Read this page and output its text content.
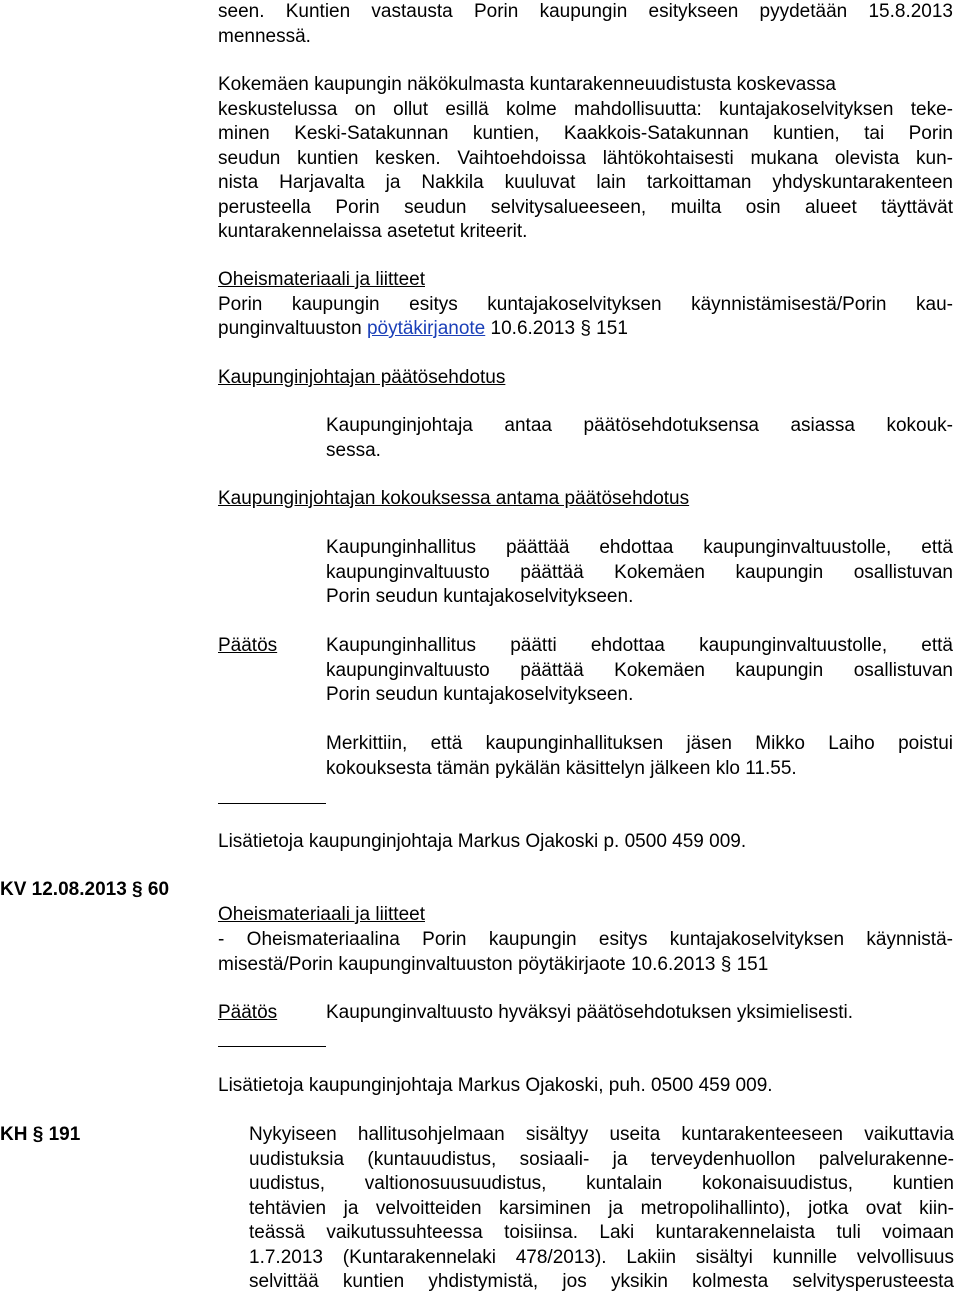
seen. Kuntien vastausta Porin kaupungin esitykseen pyydetään 15.8.2013
mennessä.
Kokemäen kaupungin näkökulmasta kuntarakenneuudistusta koskevassa
keskustelussa on ollut esillä kolme mahdollisuutta: kuntajakoselvityksen teke-
minen Keski-Satakunnan kuntien, Kaakkois-Satakunnan kuntien, tai Porin
seudun kuntien kesken. Vaihtoehdoissa lähtökohtaisesti mukana olevista kun-
nista Harjavalta ja Nakkila kuuluvat lain tarkoittaman yhdyskuntarakenteen
perusteella Porin seudun selvitysalueeseen, muilta osin alueet täyttävät
kuntarakennelaissa asetetut kriteerit.
Oheismateriaali ja liitteet
Porin kaupungin esitys kuntajakoselvityksen käynnistämisestä/Porin kau-
punginvaltuuston pöytäkirjanote 10.6.2013 § 151
Kaupunginjohtajan päätösehdotus
Kaupunginjohtaja antaa päätösehdotuksensa asiassa kokouk-
sessa.
Kaupunginjohtajan kokouksessa antama päätösehdotus
Kaupunginhallitus päättää ehdottaa kaupunginvaltuustolle, että
kaupunginvaltuusto päättää Kokemäen kaupungin osallistuvan
Porin seudun kuntajakoselvitykseen.
Päätös	Kaupunginhallitus päätti ehdottaa kaupunginvaltuustolle, että
kaupunginvaltuusto päättää Kokemäen kaupungin osallistuvan
Porin seudun kuntajakoselvitykseen.
Merkittiin, että kaupunginhallituksen jäsen Mikko Laiho poistui
kokouksesta tämän pykälän käsittelyn jälkeen klo 11.55.
Lisätietoja kaupunginjohtaja Markus Ojakoski p. 0500 459 009.
KV 12.08.2013 § 60
Oheismateriaali ja liitteet
- Oheismateriaalina Porin kaupungin esitys kuntajakoselvityksen käynnistä-
misestä/Porin kaupunginvaltuuston pöytäkirjaote 10.6.2013 § 151
Päätös	Kaupunginvaltuusto hyväksyi päätösehdotuksen yksimielisesti.
Lisätietoja kaupunginjohtaja Markus Ojakoski, puh. 0500 459 009.
KH § 191	Nykyiseen hallitusohjelmaan sisältyy useita kuntarakenteeseen vaikuttavia
uudistuksia (kuntauudistus, sosiaali- ja terveydenhuollon palvelurakenne-
uudistus, valtionosuusuudistus, kuntalain kokonaisuudistus, kuntien
tehtävien ja velvoitteiden karsiminen ja metropolihallinto), jotka ovat kiin-
teässä vaikutussuhteessa toisiinsa. Laki kuntarakennelaista tuli voimaan
1.7.2013 (Kuntarakennelaki 478/2013). Lakiin sisältyi kunnille velvollisuus
selvittää kuntien yhdistymistä, jos yksikin kolmesta selvitysperusteesta
